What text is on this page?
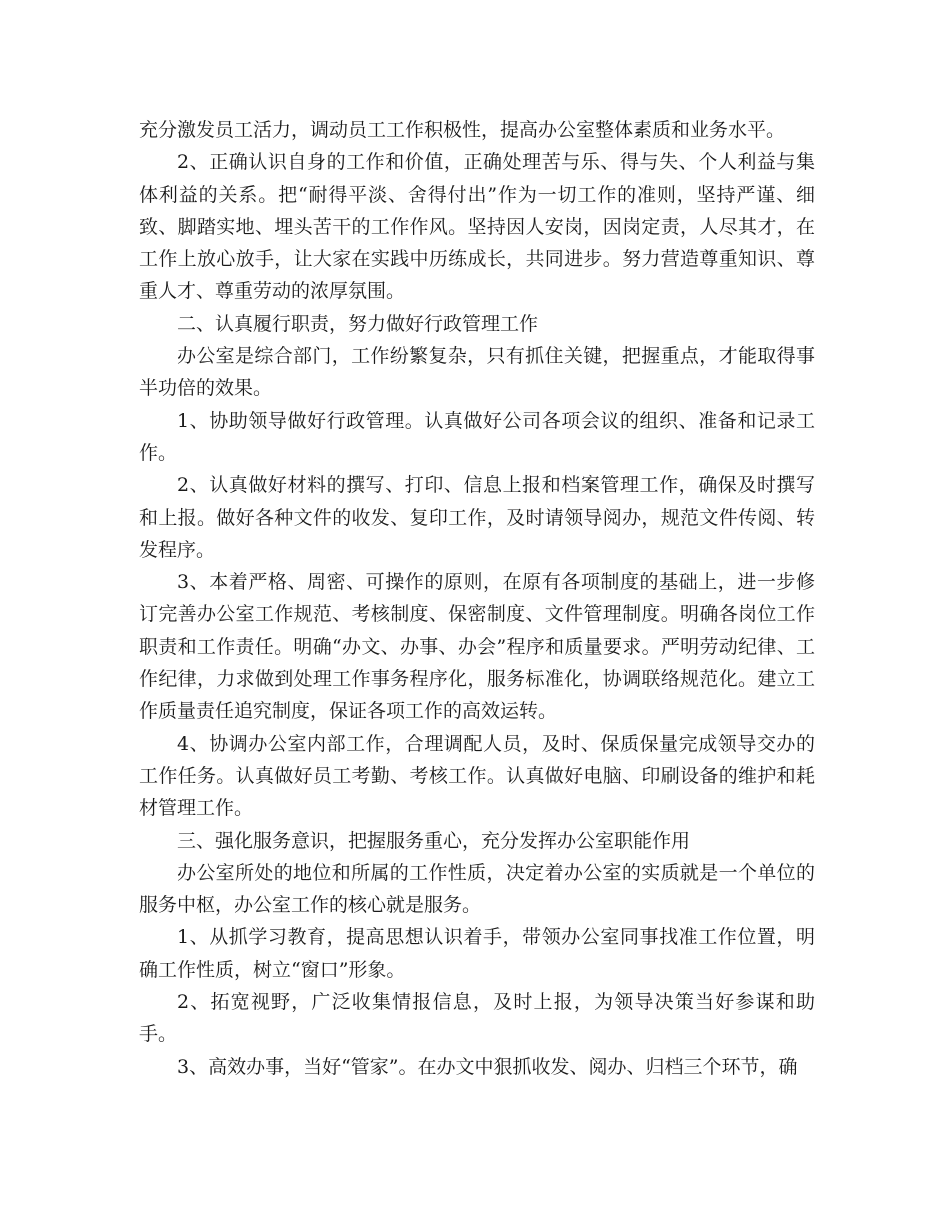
充分激发员工活力，调动员工工作积极性，提高办公室整体素质和业务水平。

2、正确认识自身的工作和价值，正确处理苦与乐、得与失、个人利益与集体利益的关系。把“耐得平淡、舍得付出”作为一切工作的准则，坚持严谨、细致、脚踏实地、埋头苦干的工作作风。坚持因人安岗，因岗定责，人尽其才，在工作上放心放手，让大家在实践中历练成长，共同进步。努力营造尊重知识、尊重人才、尊重劳动的浓厚氛围。

二、认真履行职责，努力做好行政管理工作

办公室是综合部门，工作纷繁复杂，只有抓住关键，把握重点，才能取得事半功倍的效果。

1、协助领导做好行政管理。认真做好公司各项会议的组织、准备和记录工作。

2、认真做好材料的撰写、打印、信息上报和档案管理工作，确保及时撰写和上报。做好各种文件的收发、复印工作，及时请领导阅办，规范文件传阅、转发程序。

3、本着严格、周密、可操作的原则，在原有各项制度的基础上，进一步修订完善办公室工作规范、考核制度、保密制度、文件管理制度。明确各岗位工作职责和工作责任。明确“办文、办事、办会”程序和质量要求。严明劳动纪律、工作纪律，力求做到处理工作事务程序化，服务标准化，协调联络规范化。建立工作质量责任追究制度，保证各项工作的高效运转。

4、协调办公室内部工作，合理调配人员，及时、保质保量完成领导交办的工作任务。认真做好员工考勤、考核工作。认真做好电脑、印刷设备的维护和耗材管理工作。

三、强化服务意识，把握服务重心，充分发挥办公室职能作用

办公室所处的地位和所属的工作性质，决定着办公室的实质就是一个单位的服务中枢，办公室工作的核心就是服务。

1、从抓学习教育，提高思想认识着手，带领办公室同事找准工作位置，明确工作性质，树立“窗口”形象。

2、拓宽视野，广泛收集情报信息，及时上报，为领导决策当好参谋和助手。

3、高效办事，当好“管家”。在办文中狠抓收发、阅办、归档三个环节，确
